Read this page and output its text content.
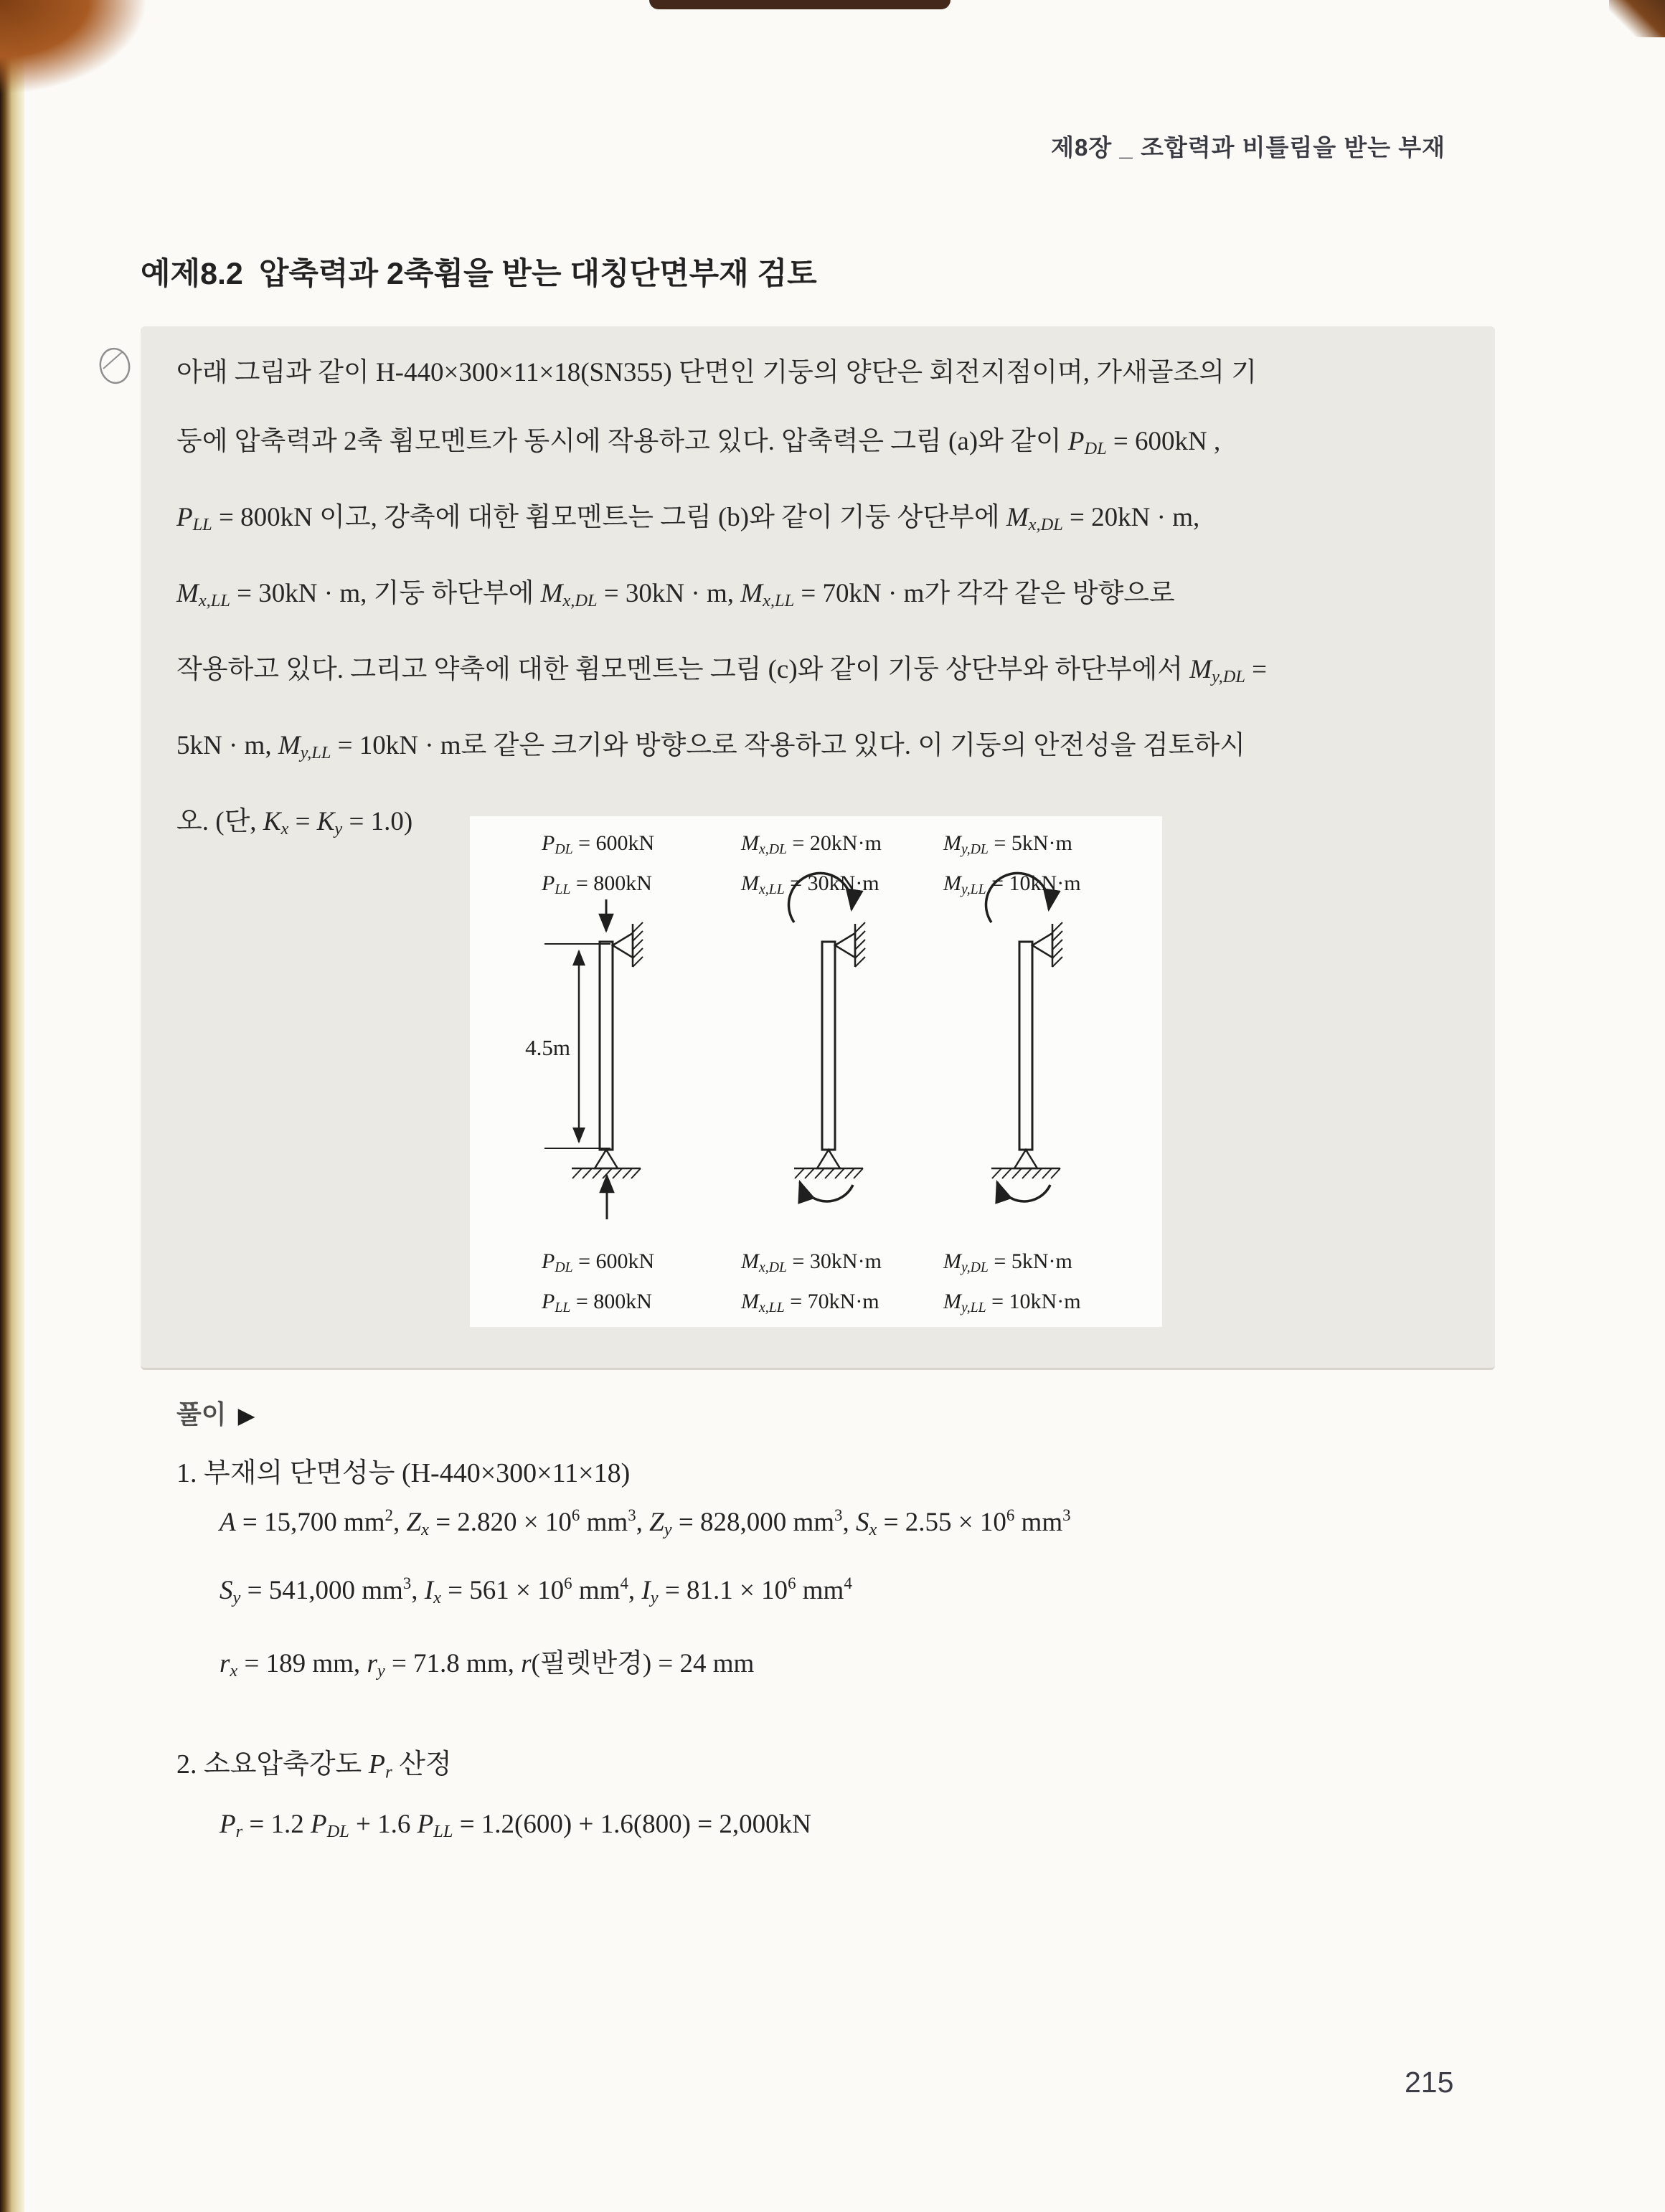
제8장 _ 조합력과 비틀림을 받는 부재
예제8.2 압축력과 2축휨을 받는 대칭단면부재 검토
아래 그림과 같이 H-440×300×11×18(SN355) 단면인 기둥의 양단은 회전지점이며, 가새골조의 기
둥에 압축력과 2축 휨모멘트가 동시에 작용하고 있다. 압축력은 그림 (a)와 같이 $P_{DL} = 600kN$ ,
$P_{LL} = 800kN$ 이고, 강축에 대한 휨모멘트는 그림 (b)와 같이 기둥 상단부에 $M_{x,DL} = 20kN \cdot m$,
$M_{x,LL} = 30kN \cdot m$, 기둥 하단부에 $M_{x,DL} = 30kN \cdot m$, $M_{x,LL} = 70kN \cdot m$가 각각 같은 방향으로
작용하고 있다. 그리고 약축에 대한 휨모멘트는 그림 (c)와 같이 기둥 상단부와 하단부에서 $M_{y,DL}$ =
5kN · m, $M_{y,LL} = 10kN \cdot m$로 같은 크기와 방향으로 작용하고 있다. 이 기둥의 안전성을 검토하시
오. (단, $K_x = K_y = 1.0$)
4.5m
$P_{DL} = 600kN$
$P_{LL} = 800kN$
$M_{x,DL} = 20kN\cdot m$
$M_{x,LL} = 30kN\cdot m$
$M_{y,DL} = 5kN\cdot m$
$M_{y,LL} = 10kN\cdot m$
$P_{DL} = 600kN$
$P_{LL} = 800kN$
$M_{x,DL} = 30kN\cdot m$
$M_{x,LL} = 70kN\cdot m$
$M_{y,DL} = 5kN\cdot m$
$M_{y,LL} = 10kN\cdot m$
풀이 ▶
1. 부재의 단면성능 (H-440×300×11×18)
A = 15,700 $mm^2$, $Z_x = 2.820 \times 10^6$ $mm^3$, $Z_y = 828,000$ $mm^3$, $S_x = 2.55 \times 10^6$ $mm^3$
$S_y = 541,000$ $mm^3$, $I_x = 561 \times 10^6$ $mm^4$, $I_y = 81.1 \times 10^6$ $mm^4$
$r_x = 189$ mm, $r_y = 71.8$ mm, r(필렛반경) = 24 mm
2. 소요압축강도 $P_r$ 산정
$P_r = 1.2$ $P_{DL} + 1.6$ $P_{LL} = 1.2(600) + 1.6(800) = 2,000kN$
215
